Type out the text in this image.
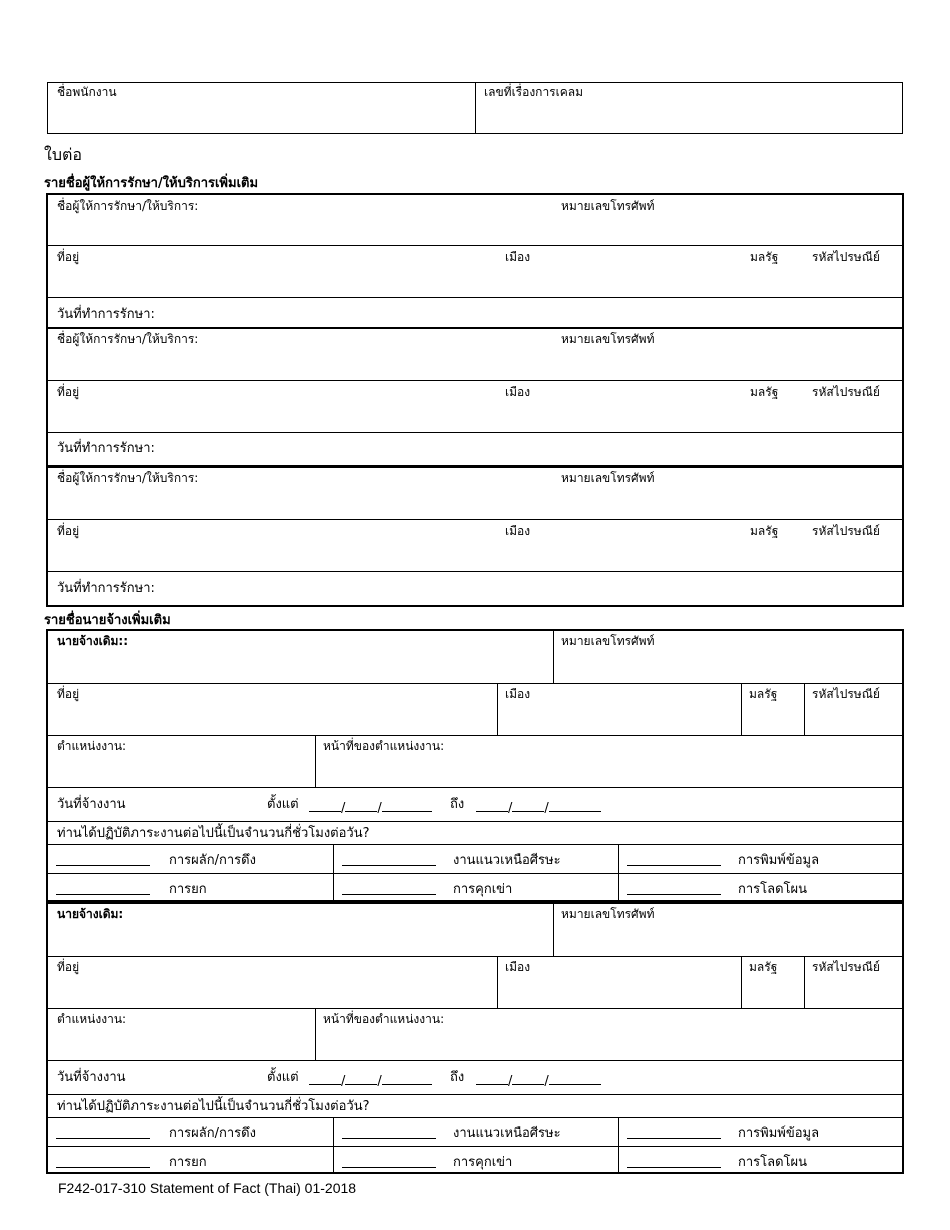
ชื่อพนักงาน	เลขที่เรื่องการเคลม
ใบต่อ
รายชื่อผู้ให้การรักษา/ให้บริการเพิ่มเติม
ชื่อผู้ให้การรักษา/ให้บริการ:	หมายเลขโทรศัพท์
ที่อยู่	เมือง	มลรัฐ	รหัสไปรษณีย์
วันที่ทำการรักษา:
ชื่อผู้ให้การรักษา/ให้บริการ:	หมายเลขโทรศัพท์
ที่อยู่	เมือง	มลรัฐ	รหัสไปรษณีย์
วันที่ทำการรักษา:
ชื่อผู้ให้การรักษา/ให้บริการ:	หมายเลขโทรศัพท์
ที่อยู่	เมือง	มลรัฐ	รหัสไปรษณีย์
วันที่ทำการรักษา:
รายชื่อนายจ้างเพิ่มเติม
นายจ้างเดิม::	หมายเลขโทรศัพท์
ที่อยู่	เมือง	มลรัฐ	รหัสไปรษณีย์
ตำแหน่งงาน:	หน้าที่ของตำแหน่งงาน:
วันที่จ้างงาน	ตั้งแต่	/ /	ถึง	/ /
ท่านได้ปฏิบัติภาระงานต่อไปนี้เป็นจำนวนกี่ชั่วโมงต่อวัน?
การผลัก/การดึง	งานแนวเหนือศีรษะ	การพิมพ์ข้อมูล
การยก	การคุกเข่า	การโลดโผน
นายจ้างเดิม:	หมายเลขโทรศัพท์
ที่อยู่	เมือง	มลรัฐ	รหัสไปรษณีย์
ตำแหน่งงาน:	หน้าที่ของตำแหน่งงาน:
วันที่จ้างงาน	ตั้งแต่	/ /	ถึง	/ /
ท่านได้ปฏิบัติภาระงานต่อไปนี้เป็นจำนวนกี่ชั่วโมงต่อวัน?
การผลัก/การดึง	งานแนวเหนือศีรษะ	การพิมพ์ข้อมูล
การยก	การคุกเข่า	การโลดโผน
F242-017-310 Statement of Fact (Thai) 01-2018
